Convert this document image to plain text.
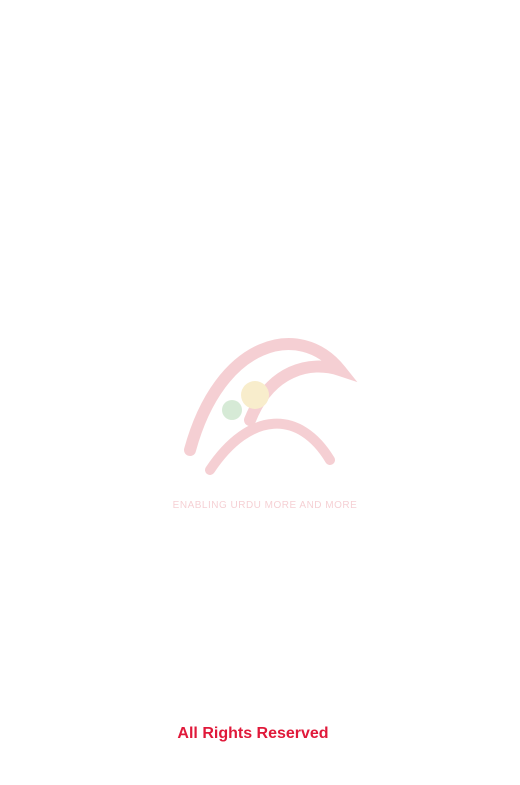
ENABLING URDU MORE AND MORE
All Rights Reserved
